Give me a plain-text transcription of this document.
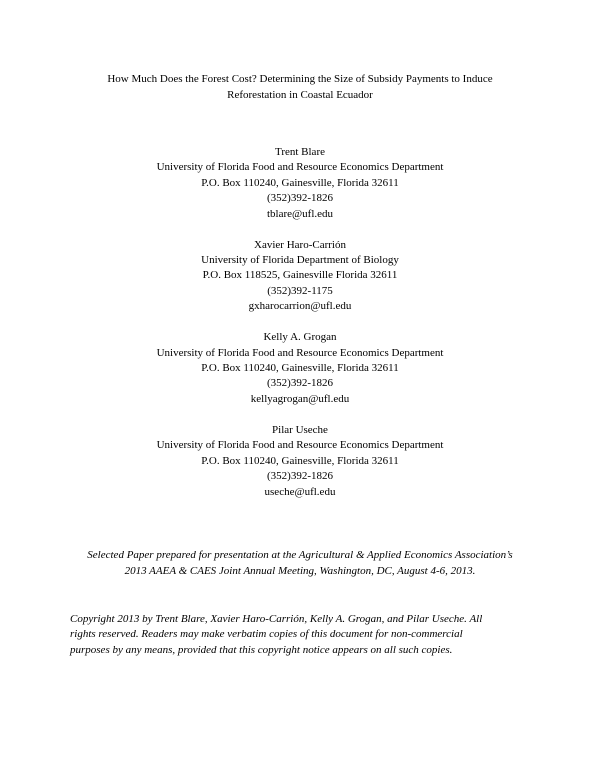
How Much Does the Forest Cost? Determining the Size of Subsidy Payments to Induce
Reforestation in Coastal Ecuador
Trent Blare
University of Florida Food and Resource Economics Department
P.O. Box 110240, Gainesville, Florida 32611
(352)392-1826
tblare@ufl.edu
Xavier Haro-Carrión
University of Florida Department of Biology
P.O. Box 118525, Gainesville Florida 32611
(352)392-1175
gxharocarrion@ufl.edu
Kelly A. Grogan
University of Florida Food and Resource Economics Department
P.O. Box 110240, Gainesville, Florida 32611
(352)392-1826
kellyagrogan@ufl.edu
Pilar Useche
University of Florida Food and Resource Economics Department
P.O. Box 110240, Gainesville, Florida 32611
(352)392-1826
useche@ufl.edu
Selected Paper prepared for presentation at the Agricultural & Applied Economics Association’s
2013 AAEA & CAES Joint Annual Meeting, Washington, DC, August 4-6, 2013.
Copyright 2013 by Trent Blare, Xavier Haro-Carrión, Kelly A. Grogan, and Pilar Useche. All
rights reserved. Readers may make verbatim copies of this document for non-commercial
purposes by any means, provided that this copyright notice appears on all such copies.
